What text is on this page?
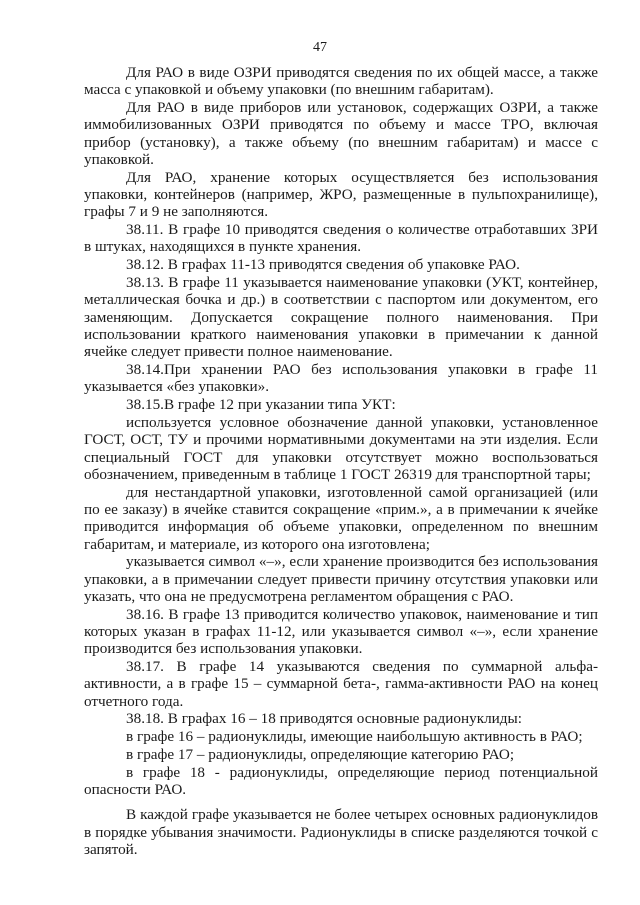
47

Для РАО в виде ОЗРИ приводятся сведения по их общей массе, а также масса с упаковкой и объему упаковки (по внешним габаритам).

Для РАО в виде приборов или установок, содержащих ОЗРИ, а также иммобилизованных ОЗРИ приводятся по объему и массе ТРО, включая прибор (установку), а также объему (по внешним габаритам) и массе с упаковкой.

Для РАО, хранение которых осуществляется без использования упаковки, контейнеров (например, ЖРО, размещенные в пульпохранилище), графы 7 и 9 не заполняются.

38.11. В графе 10 приводятся сведения о количестве отработавших ЗРИ в штуках, находящихся в пункте хранения.

38.12. В графах 11-13 приводятся сведения об упаковке РАО.

38.13. В графе 11 указывается наименование упаковки (УКТ, контейнер, металлическая бочка и др.) в соответствии с паспортом или документом, его заменяющим. Допускается сокращение полного наименования. При использовании краткого наименования упаковки в примечании к данной ячейке следует привести полное наименование.

38.14.При хранении РАО без использования упаковки в графе 11 указывается «без упаковки».

38.15.В графе 12 при указании типа УКТ:

используется условное обозначение данной упаковки, установленное ГОСТ, ОСТ, ТУ и прочими нормативными документами на эти изделия. Если специальный ГОСТ для упаковки отсутствует можно воспользоваться обозначением, приведенным в таблице 1 ГОСТ 26319 для транспортной тары;

для нестандартной упаковки, изготовленной самой организацией (или по ее заказу) в ячейке ставится сокращение «прим.», а в примечании к ячейке приводится информация об объеме упаковки, определенном по внешним габаритам, и материале, из которого она изготовлена;

указывается символ «–», если хранение производится без использования упаковки, а в примечании следует привести причину отсутствия упаковки или указать, что она не предусмотрена регламентом обращения с РАО.

38.16. В графе 13 приводится количество упаковок, наименование и тип которых указан в графах 11-12, или указывается символ «–», если хранение производится без использования упаковки.

38.17. В графе 14 указываются сведения по суммарной альфа-активности, а в графе 15 – суммарной бета-, гамма-активности РАО на конец отчетного года.

38.18. В графах 16 – 18 приводятся основные радионуклиды:

в графе 16 – радионуклиды, имеющие наибольшую активность в РАО;

в графе 17 – радионуклиды, определяющие категорию РАО;

в графе 18 - радионуклиды, определяющие период потенциальной опасности РАО.

В каждой графе указывается не более четырех основных радионуклидов в порядке убывания значимости. Радионуклиды в списке разделяются точкой с запятой.
